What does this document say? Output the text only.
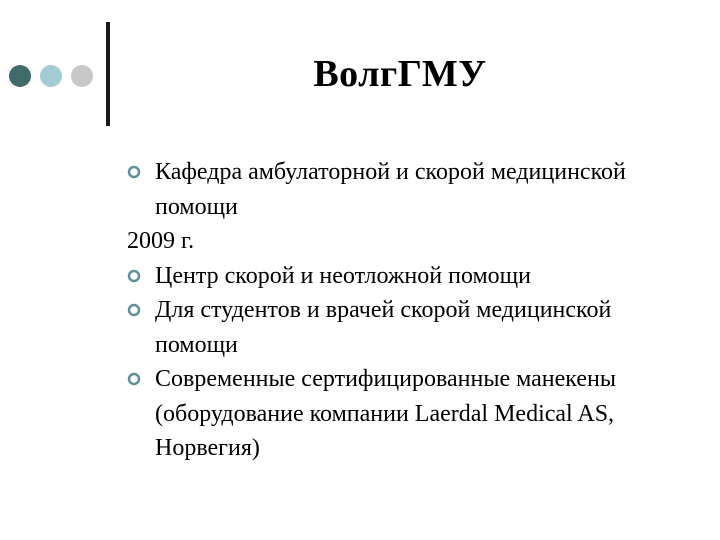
ВолгГМУ
Кафедра амбулаторной и скорой медицинской помощи
2009 г.
Центр скорой и неотложной помощи
Для студентов и врачей скорой медицинской помощи
Современные сертифицированные манекены (оборудование компании Laerdal Medical AS, Норвегия)
